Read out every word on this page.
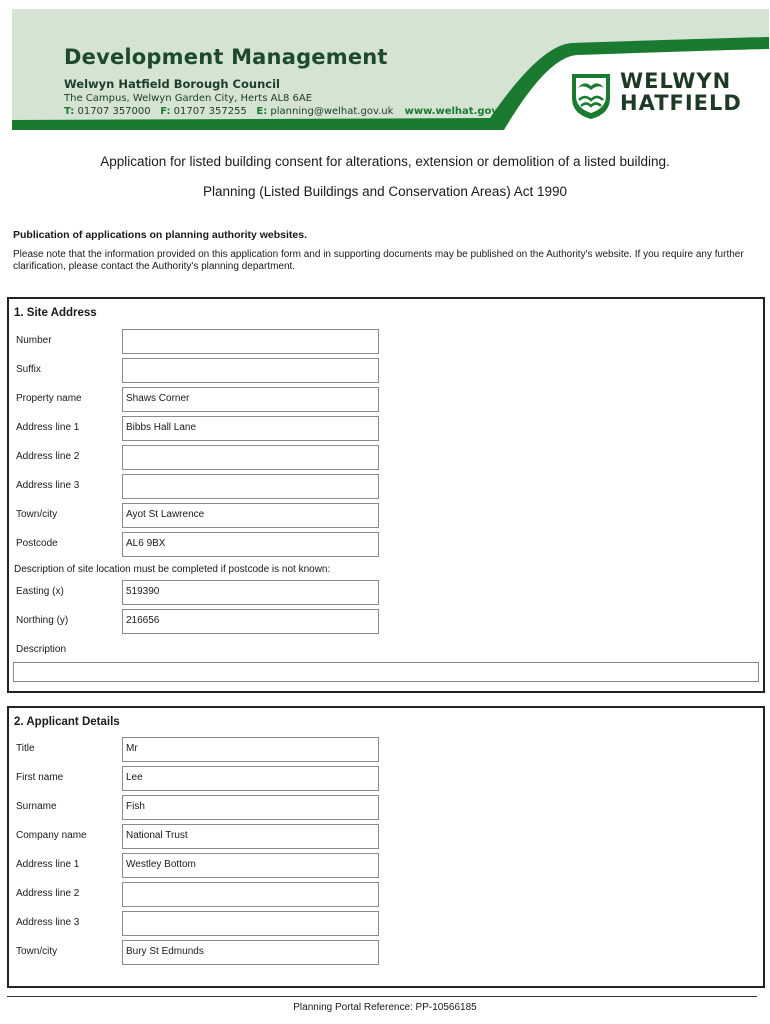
Development Management
Welwyn Hatfield Borough Council
The Campus, Welwyn Garden City, Herts AL8 6AE
T: 01707 357000 F: 01707 357255 E: planning@welhat.gov.uk www.welhat.gov.uk
WELWYN
HATFIELD
Application for listed building consent for alterations, extension or demolition of a listed building.
Planning (Listed Buildings and Conservation Areas) Act 1990
Publication of applications on planning authority websites.
Please note that the information provided on this application form and in supporting documents may be published on the Authority's website. If you require any further clarification, please contact the Authority's planning department.
1. Site Address
Number
Suffix
Property name	Shaws Corner
Address line 1	Bibbs Hall Lane
Address line 2
Address line 3
Town/city	Ayot St Lawrence
Postcode	AL6 9BX
Description of site location must be completed if postcode is not known:
Easting (x)	519390
Northing (y)	216656
Description
2. Applicant Details
Title	Mr
First name	Lee
Surname	Fish
Company name	National Trust
Address line 1	Westley Bottom
Address line 2
Address line 3
Town/city	Bury St Edmunds
Planning Portal Reference: PP-10566185
